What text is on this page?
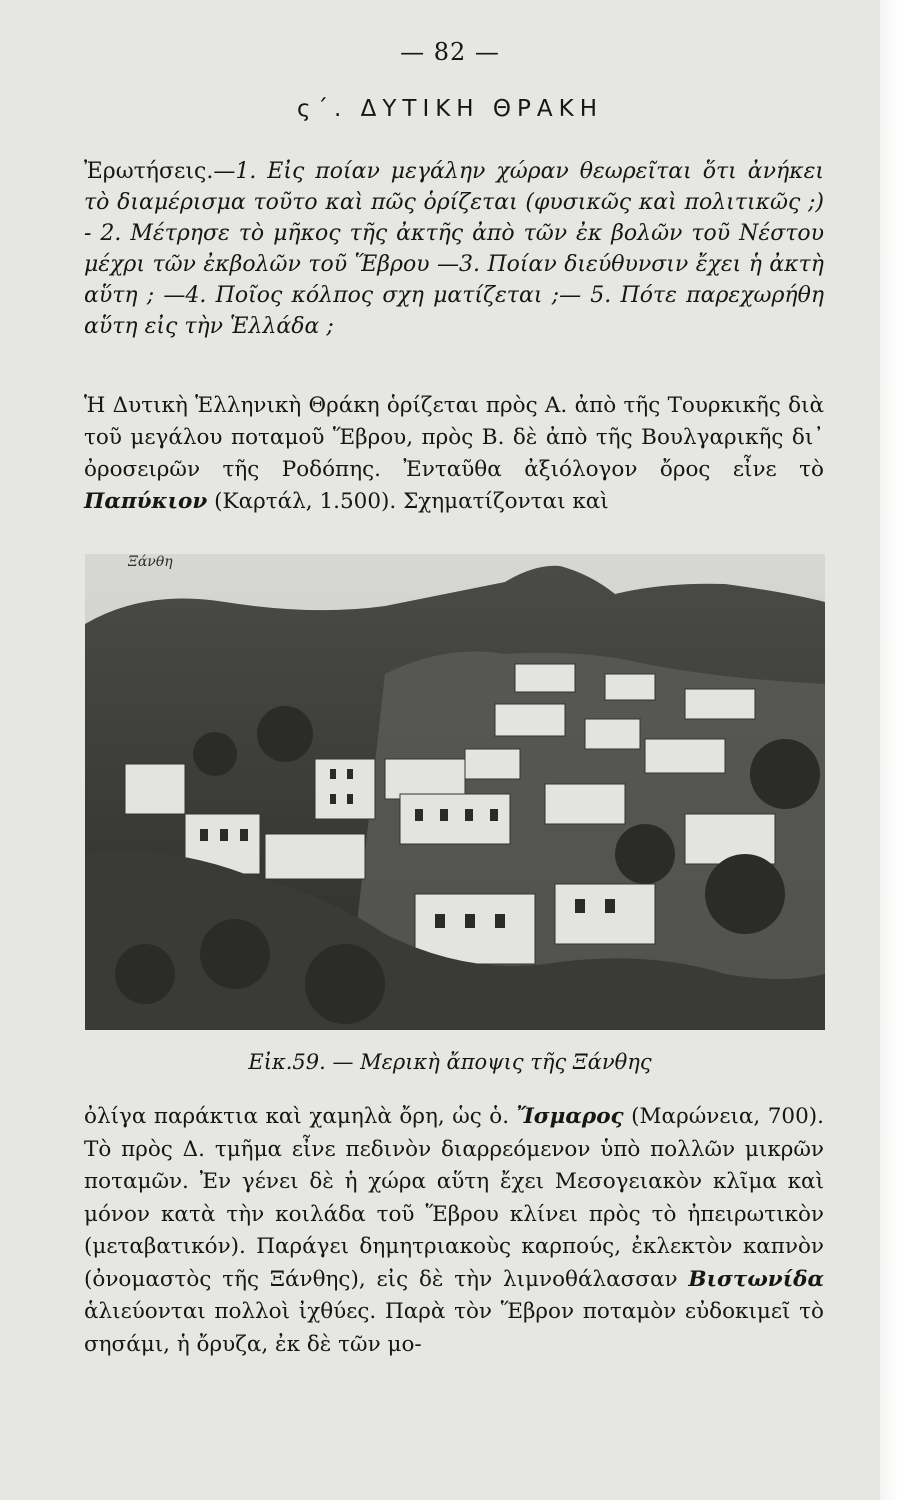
— 82 —
ς΄. ΔΥΤΙΚΗ ΘΡΑΚΗ
Ἐρωτήσεις.—1. Εἰς ποίαν μεγάλην χώραν θεωρεῖται ὅτι ἀνήκει τὸ διαμέρισμα τοῦτο καὶ πῶς ὁρίζεται (φυσικῶς καὶ πολιτικῶς ;) - 2. Μέτρησε τὸ μῆκος τῆς ἀκτῆς ἀπὸ τῶν ἐκ βολῶν τοῦ Νέστου μέχρι τῶν ἐκβολῶν τοῦ Ἕβρου —3. Ποίαν διεύθυνσιν ἔχει ἡ ἀκτὴ αὕτη ; —4. Ποῖος κόλπος σχη ματίζεται ;— 5. Πότε παρεχωρήθη αὕτη εἰς τὴν Ἑλλάδα ;
Ἡ Δυτικὴ Ἑλληνικὴ Θράκη ὁρίζεται πρὸς Α. ἀπὸ τῆς Τουρκικῆς διὰ τοῦ μεγάλου ποταμοῦ Ἕβρου, πρὸς Β. δὲ ἀπὸ τῆς Βουλγαρικῆς δι᾽ ὀροσειρῶν τῆς Ροδόπης. Ἐνταῦθα ἀξιόλογον ὄρος εἶνε τὸ Παπύκιον (Καρτάλ, 1.500). Σχηματίζονται καὶ
Ξάνθη
Εἰκ.59. — Μερικὴ ἄποψις τῆς Ξάνθης
ὀλίγα παράκτια καὶ χαμηλὰ ὄρη, ὡς ὁ. Ἴσμαρος (Μαρώνεια, 700). Τὸ πρὸς Δ. τμῆμα εἶνε πεδινὸν διαρρεόμενον ὑπὸ πολλῶν μικρῶν ποταμῶν. Ἐν γένει δὲ ἡ χώρα αὕτη ἔχει Μεσογειακὸν κλῖμα καὶ μόνον κατὰ τὴν κοιλάδα τοῦ Ἕβρου κλίνει πρὸς τὸ ἠπειρωτικὸν (μεταβατικόν). Παράγει δημητριακοὺς καρπούς, ἐκλεκτὸν καπνὸν (ὀνομαστὸς τῆς Ξάνθης), εἰς δὲ τὴν λιμνοθάλασσαν Βιστωνίδα ἁλιεύονται πολλοὶ ἰχθύες. Παρὰ τὸν Ἕβρον ποταμὸν εὐδοκιμεῖ τὸ σησάμι, ἡ ὄρυζα, ἐκ δὲ τῶν μο-
